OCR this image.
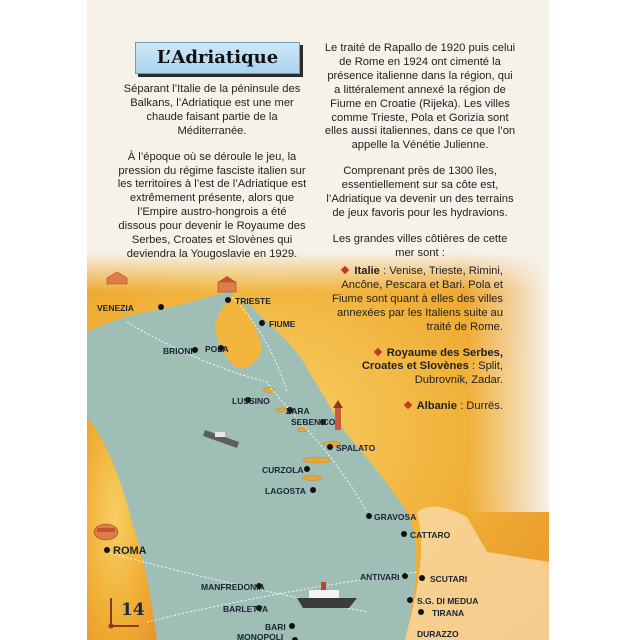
VENEZIA
TRIESTE
FIUME
BRIONI POLA
LUSSINO
ZARA
SEBENICO
SPALATO
CURZOLA
LAGOSTA
GRAVOSA
CATTARO
SCUTARI
S.G. DI MEDUA
TIRANA
DURAZZO
ANTIVARI
ROMA
MANFREDONIA
BARLETTA
BARI
MONOPOLI
L’Adriatique

Séparant l’Italie de la péninsule des Balkans, l’Adriatique est une mer chaude faisant partie de la Méditerranée.

À l’époque où se déroule le jeu, la pression du régime fasciste italien sur les territoires à l’est de l’Adriatique est extrêmement présente, alors que l’Empire austro-hongrois a été dissous pour devenir le Royaume des Serbes, Croates et Slovènes qui deviendra la Yougoslavie en 1929.

Le traité de Rapallo de 1920 puis celui de Rome en 1924 ont cimenté la présence italienne dans la région, qui a littéralement annexé la région de Fiume en Croatie (Rijeka). Les villes comme Trieste, Pola et Gorizia sont elles aussi italiennes, dans ce que l’on appelle la Vénétie Julienne.

Comprenant près de 1300 îles, essentiellement sur sa côte est, l’Adriatique va devenir un des terrains de jeux favoris pour les hydravions.

Les grandes villes côtières de cette mer sont :

Italie : Venise, Trieste, Rimini, Ancône, Pescara et Bari. Pola et Fiume sont quant à elles des villes annexées par les Italiens suite au traité de Rome.

Royaume des Serbes, Croates et Slovènes : Split, Dubrovnik, Zadar.

Albanie : Durrës.

14
